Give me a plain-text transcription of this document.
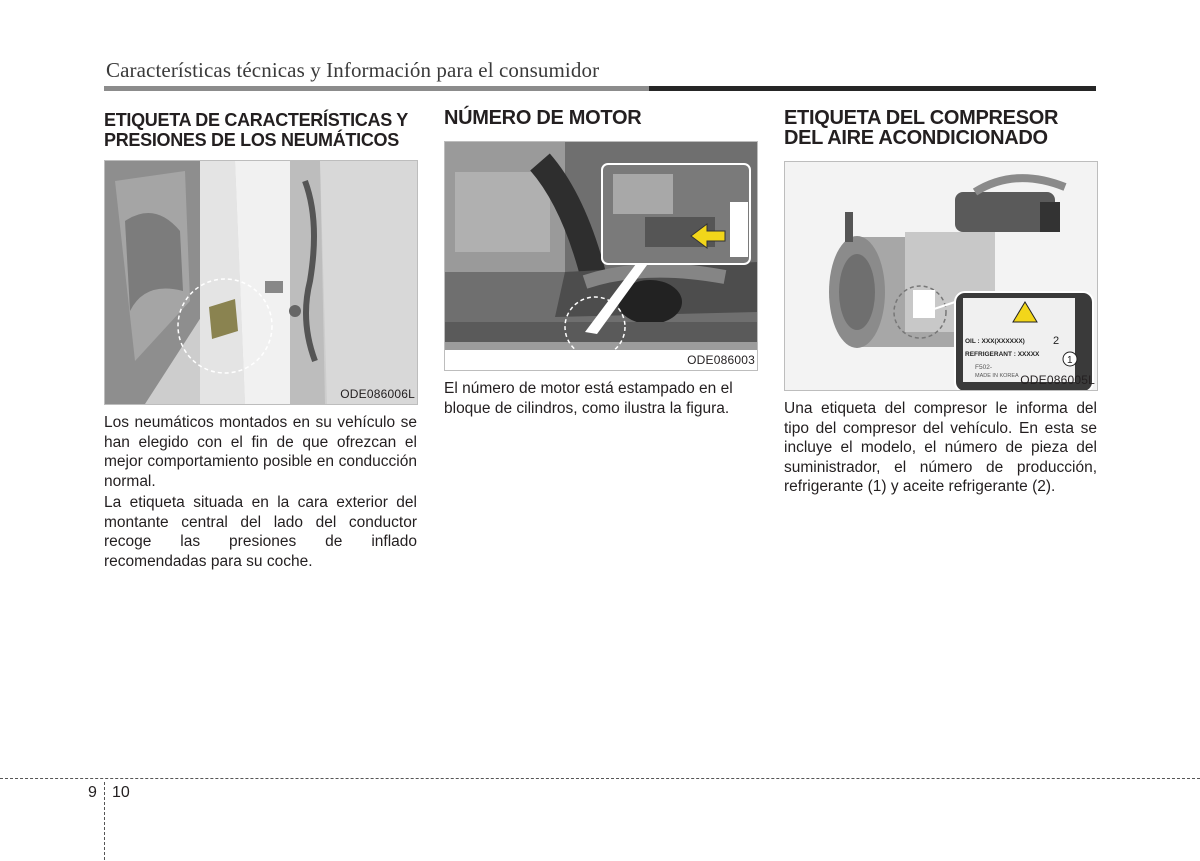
Características técnicas y Información para el consumidor
ETIQUETA DE CARACTERÍSTICAS Y PRESIONES DE LOS NEUMÁTICOS
ODE086006L

Los neumáticos montados en su vehículo se han elegido con el fin de que ofrezcan el mejor comportamiento posible en conducción normal.

La etiqueta situada en la cara exterior del montante central del lado del conductor recoge las presiones de inflado recomendadas para su coche.

NÚMERO DE MOTOR
ODE086003

El número de motor está estampado en el bloque de cilindros, como ilustra la figura.

ETIQUETA DEL COMPRESOR DEL AIRE ACONDICIONADO
OIL : XXX(XXXXXX)
REFRIGERANT : XXXXX
F502-
MADE IN KOREA
2
1
ODE086005L

Una etiqueta del compresor le informa del tipo del compresor del vehículo. En esta se incluye el modelo, el número de pieza del suministrador, el número de producción, refrigerante (1) y aceite refrigerante (2).

9 10
